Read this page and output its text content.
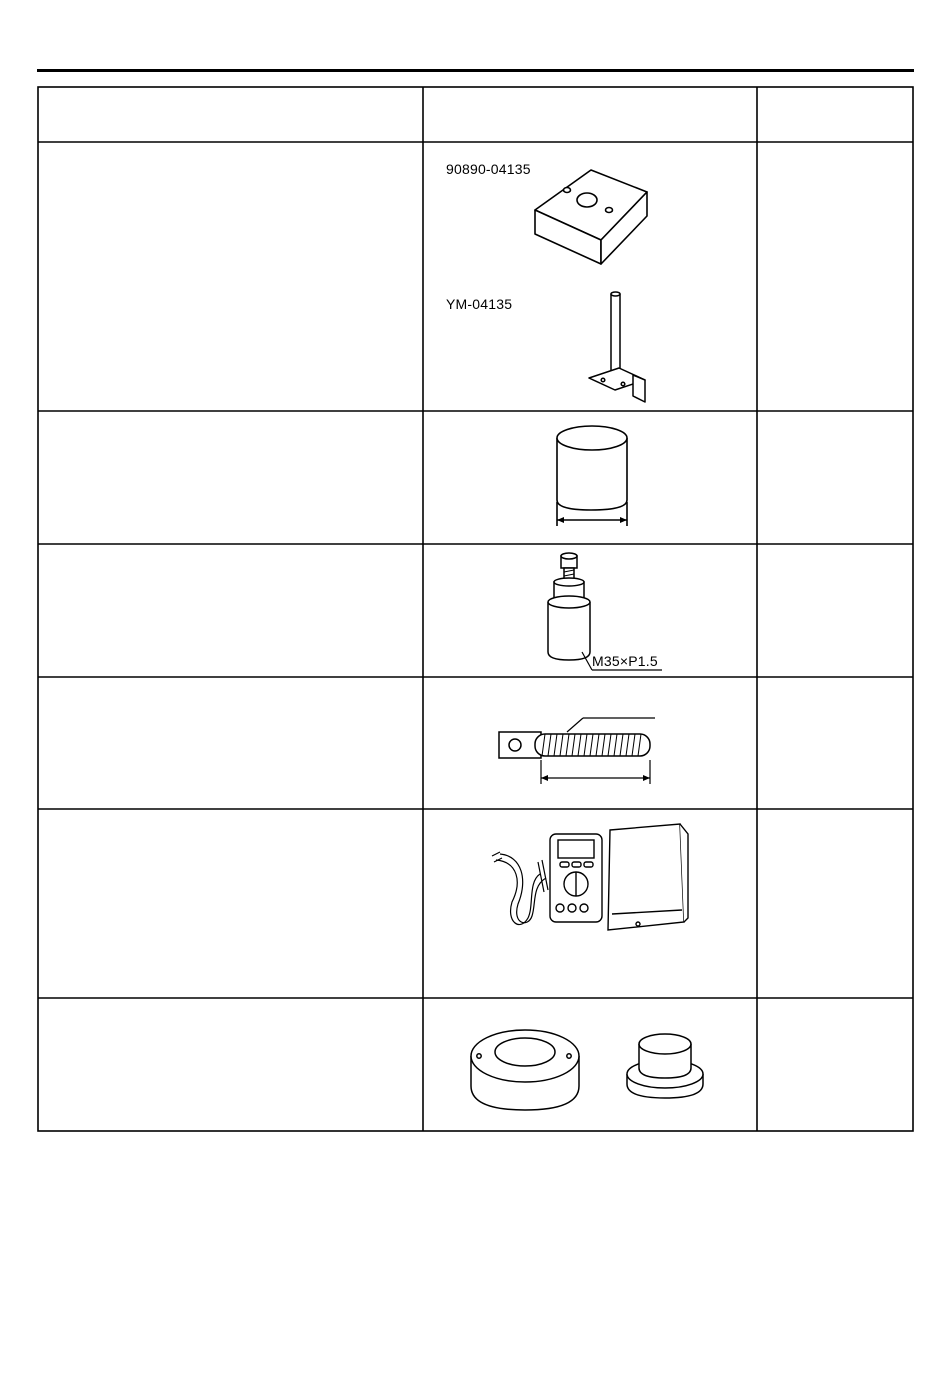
90890-04135
YM-04135
M35×P1.5
